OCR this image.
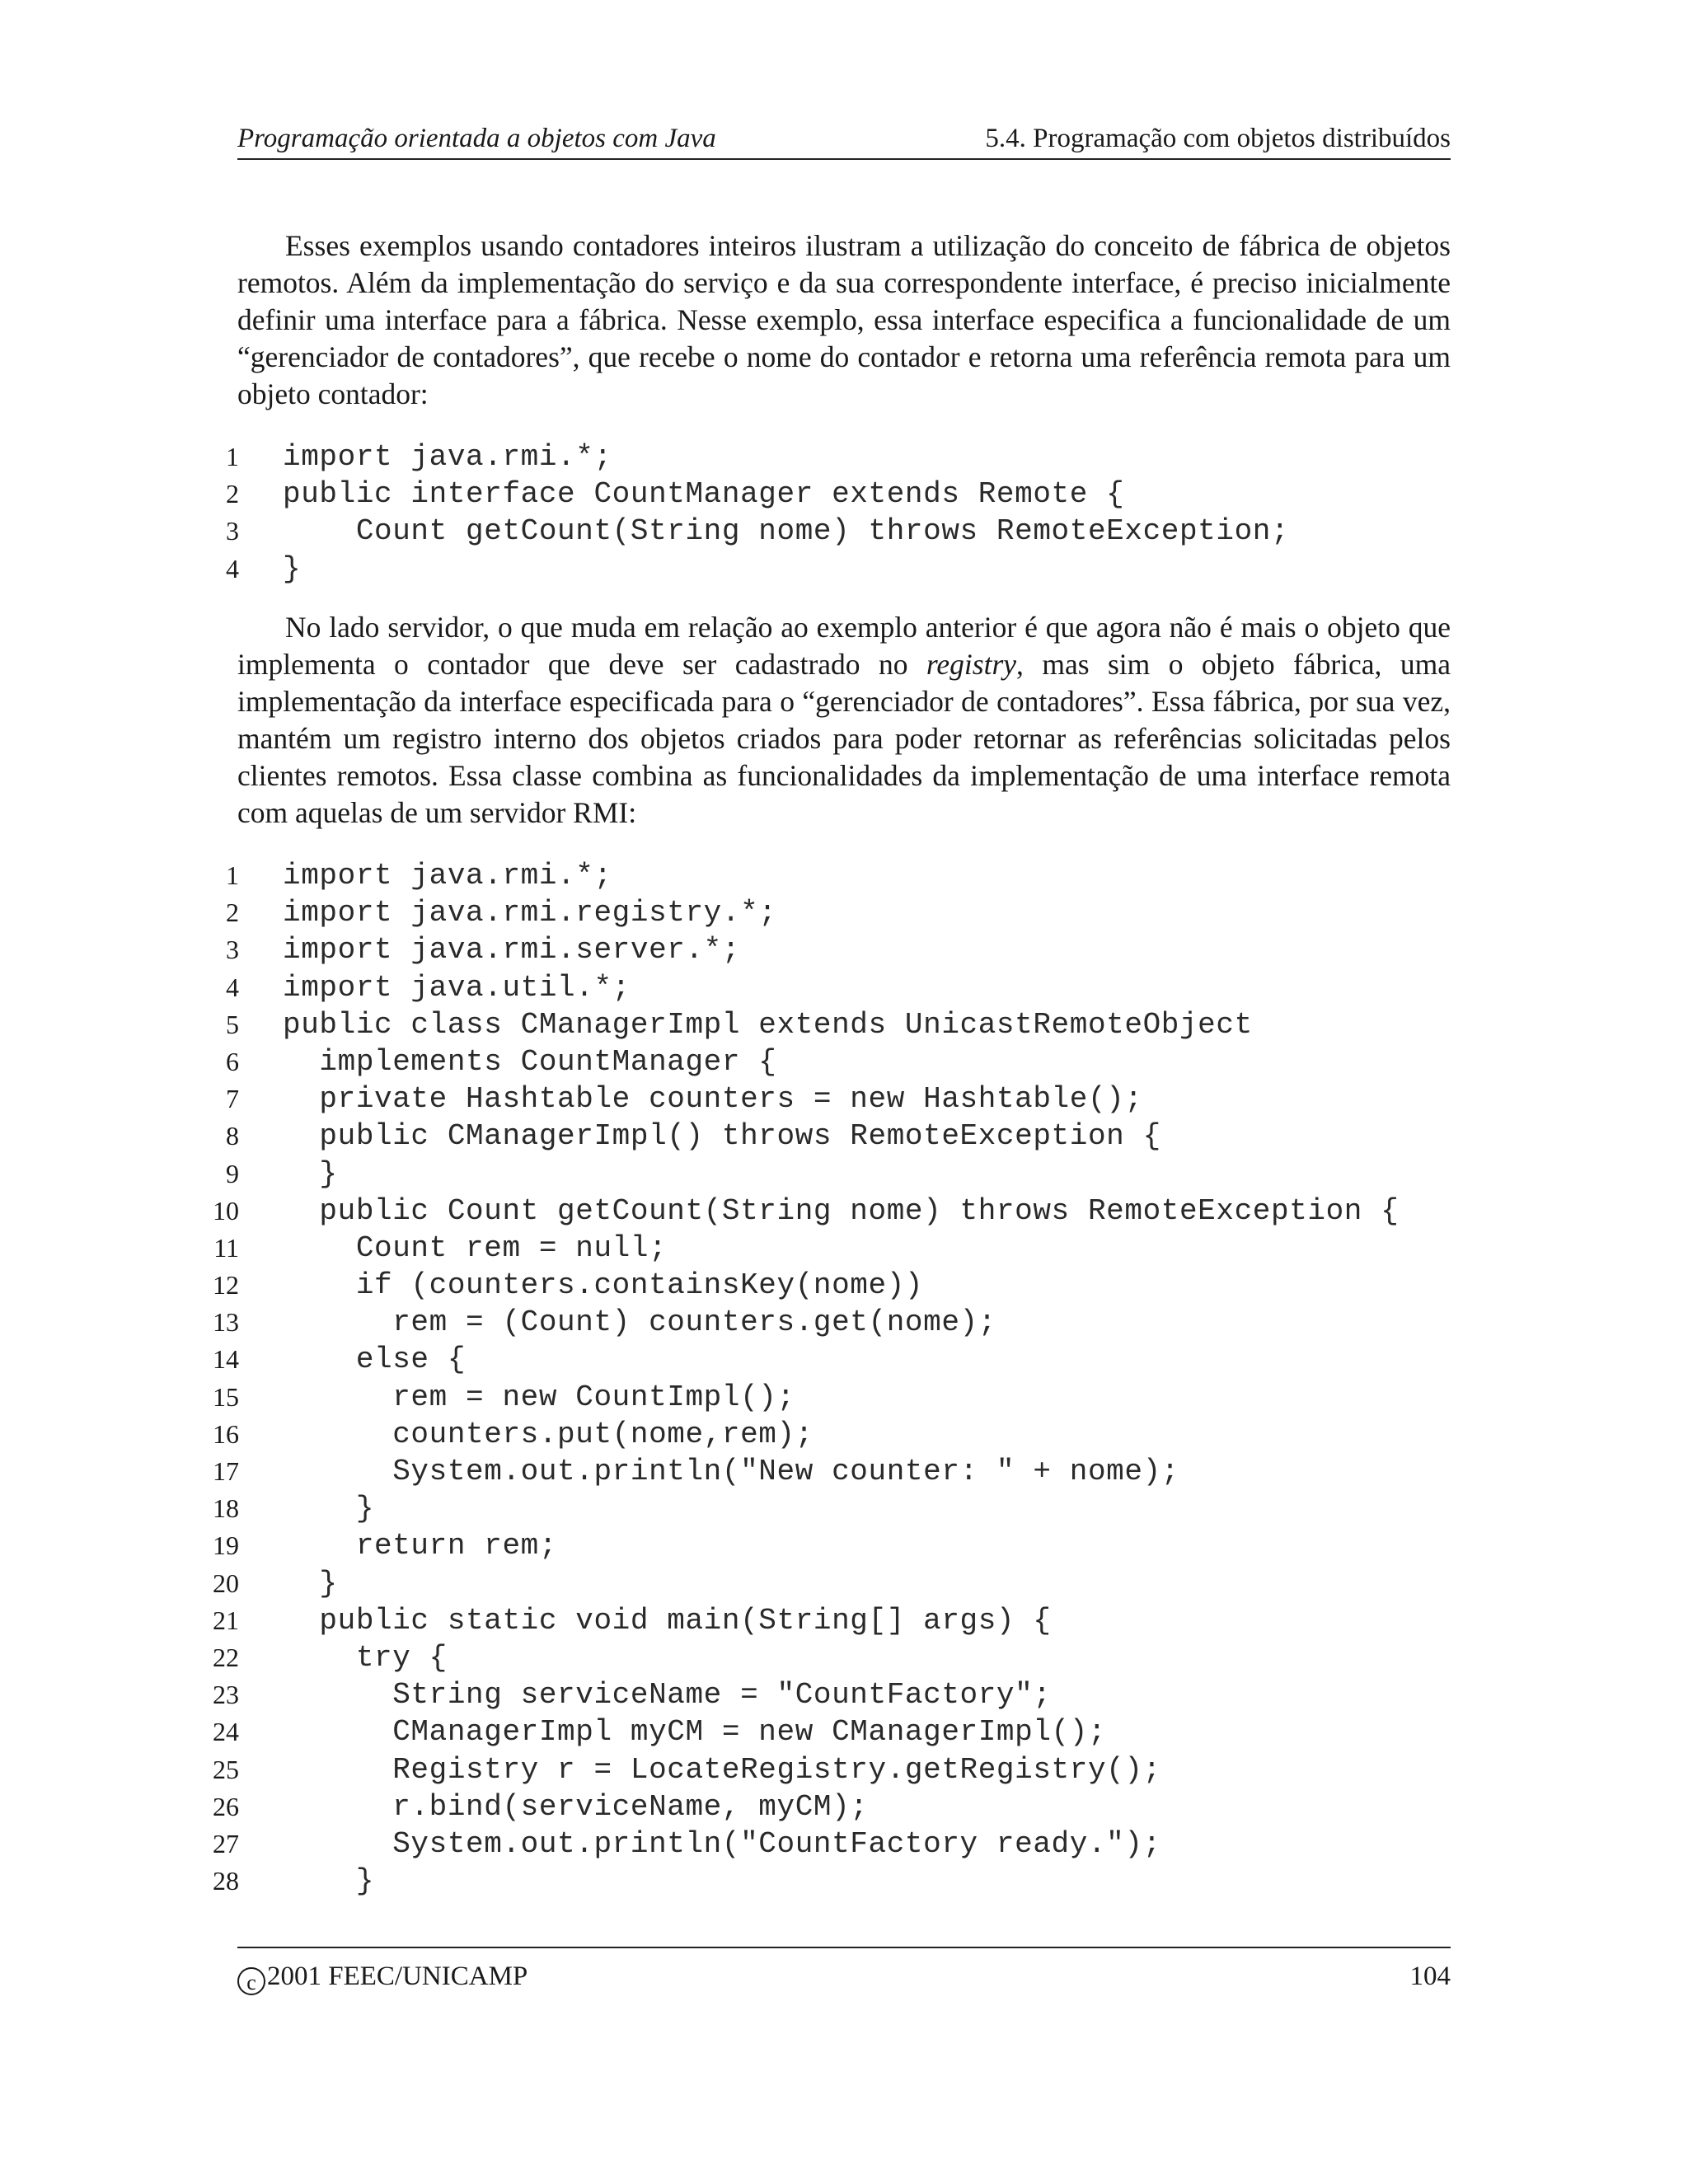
Programação orientada a objetos com Java	5.4. Programação com objetos distribuídos

Esses exemplos usando contadores inteiros ilustram a utilização do conceito de fábrica de objetos remotos. Além da implementação do serviço e da sua correspondente interface, é preciso inicialmente definir uma interface para a fábrica. Nesse exemplo, essa interface especifica a funcionalidade de um “gerenciador de contadores”, que recebe o nome do contador e retorna uma referência remota para um objeto contador:

1 import java.rmi.*;
2 public interface CountManager extends Remote {
3 Count getCount(String nome) throws RemoteException;
4 }

No lado servidor, o que muda em relação ao exemplo anterior é que agora não é mais o objeto que implementa o contador que deve ser cadastrado no registry, mas sim o objeto fábrica, uma implementação da interface especificada para o “gerenciador de contadores”. Essa fábrica, por sua vez, mantém um registro interno dos objetos criados para poder retornar as referências solicitadas pelos clientes remotos. Essa classe combina as funcionalidades da implementação de uma interface remota com aquelas de um servidor RMI:

1 import java.rmi.*;
2 import java.rmi.registry.*;
3 import java.rmi.server.*;
4 import java.util.*;
5 public class CManagerImpl extends UnicastRemoteObject
6 implements CountManager {
7 private Hashtable counters = new Hashtable();
8 public CManagerImpl() throws RemoteException {
9 }
10 public Count getCount(String nome) throws RemoteException {
11 Count rem = null;
12 if (counters.containsKey(nome))
13 rem = (Count) counters.get(nome);
14 else {
15 rem = new CountImpl();
16 counters.put(nome,rem);
17 System.out.println("New counter: " + nome);
18 }
19 return rem;
20 }
21 public static void main(String[] args) {
22 try {
23 String serviceName = "CountFactory";
24 CManagerImpl myCM = new CManagerImpl();
25 Registry r = LocateRegistry.getRegistry();
26 r.bind(serviceName, myCM);
27 System.out.println("CountFactory ready.");
28 }
c 2001 FEEC/UNICAMP	104
